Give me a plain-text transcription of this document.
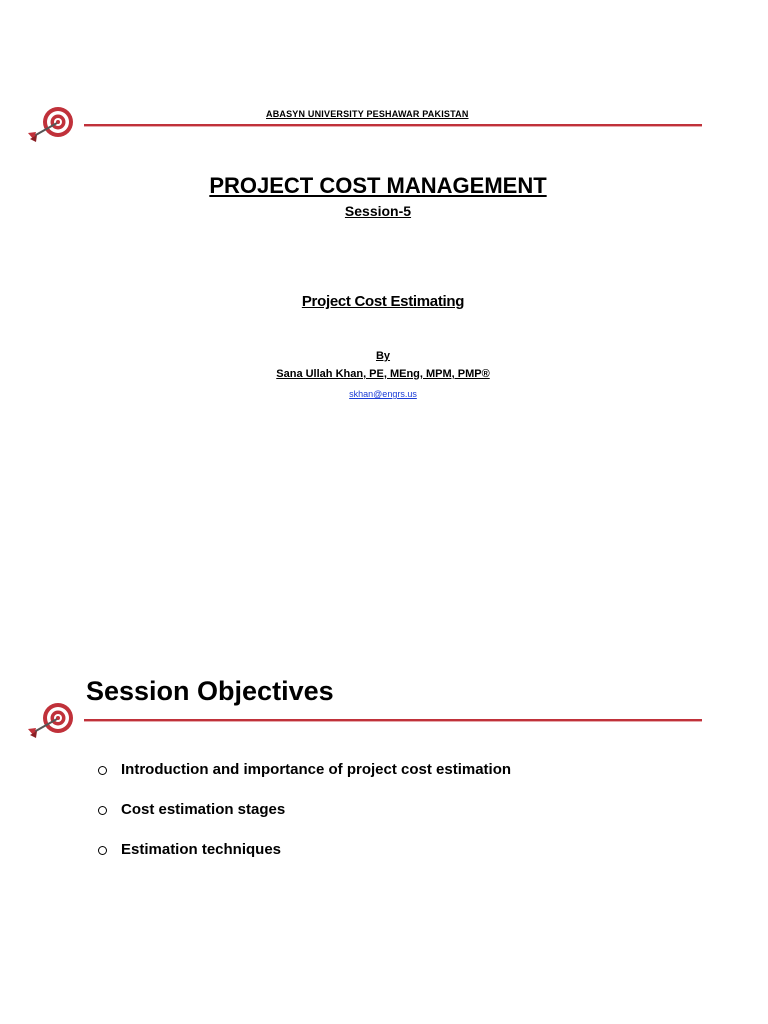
ABASYN UNIVERSITY PESHAWAR PAKISTAN
PROJECT COST MANAGEMENT
Session-5
Project Cost Estimating
By
Sana Ullah Khan, PE, MEng, MPM, PMP®
skhan@engrs.us
Session Objectives
Introduction and importance of project cost estimation
Cost estimation stages
Estimation techniques
